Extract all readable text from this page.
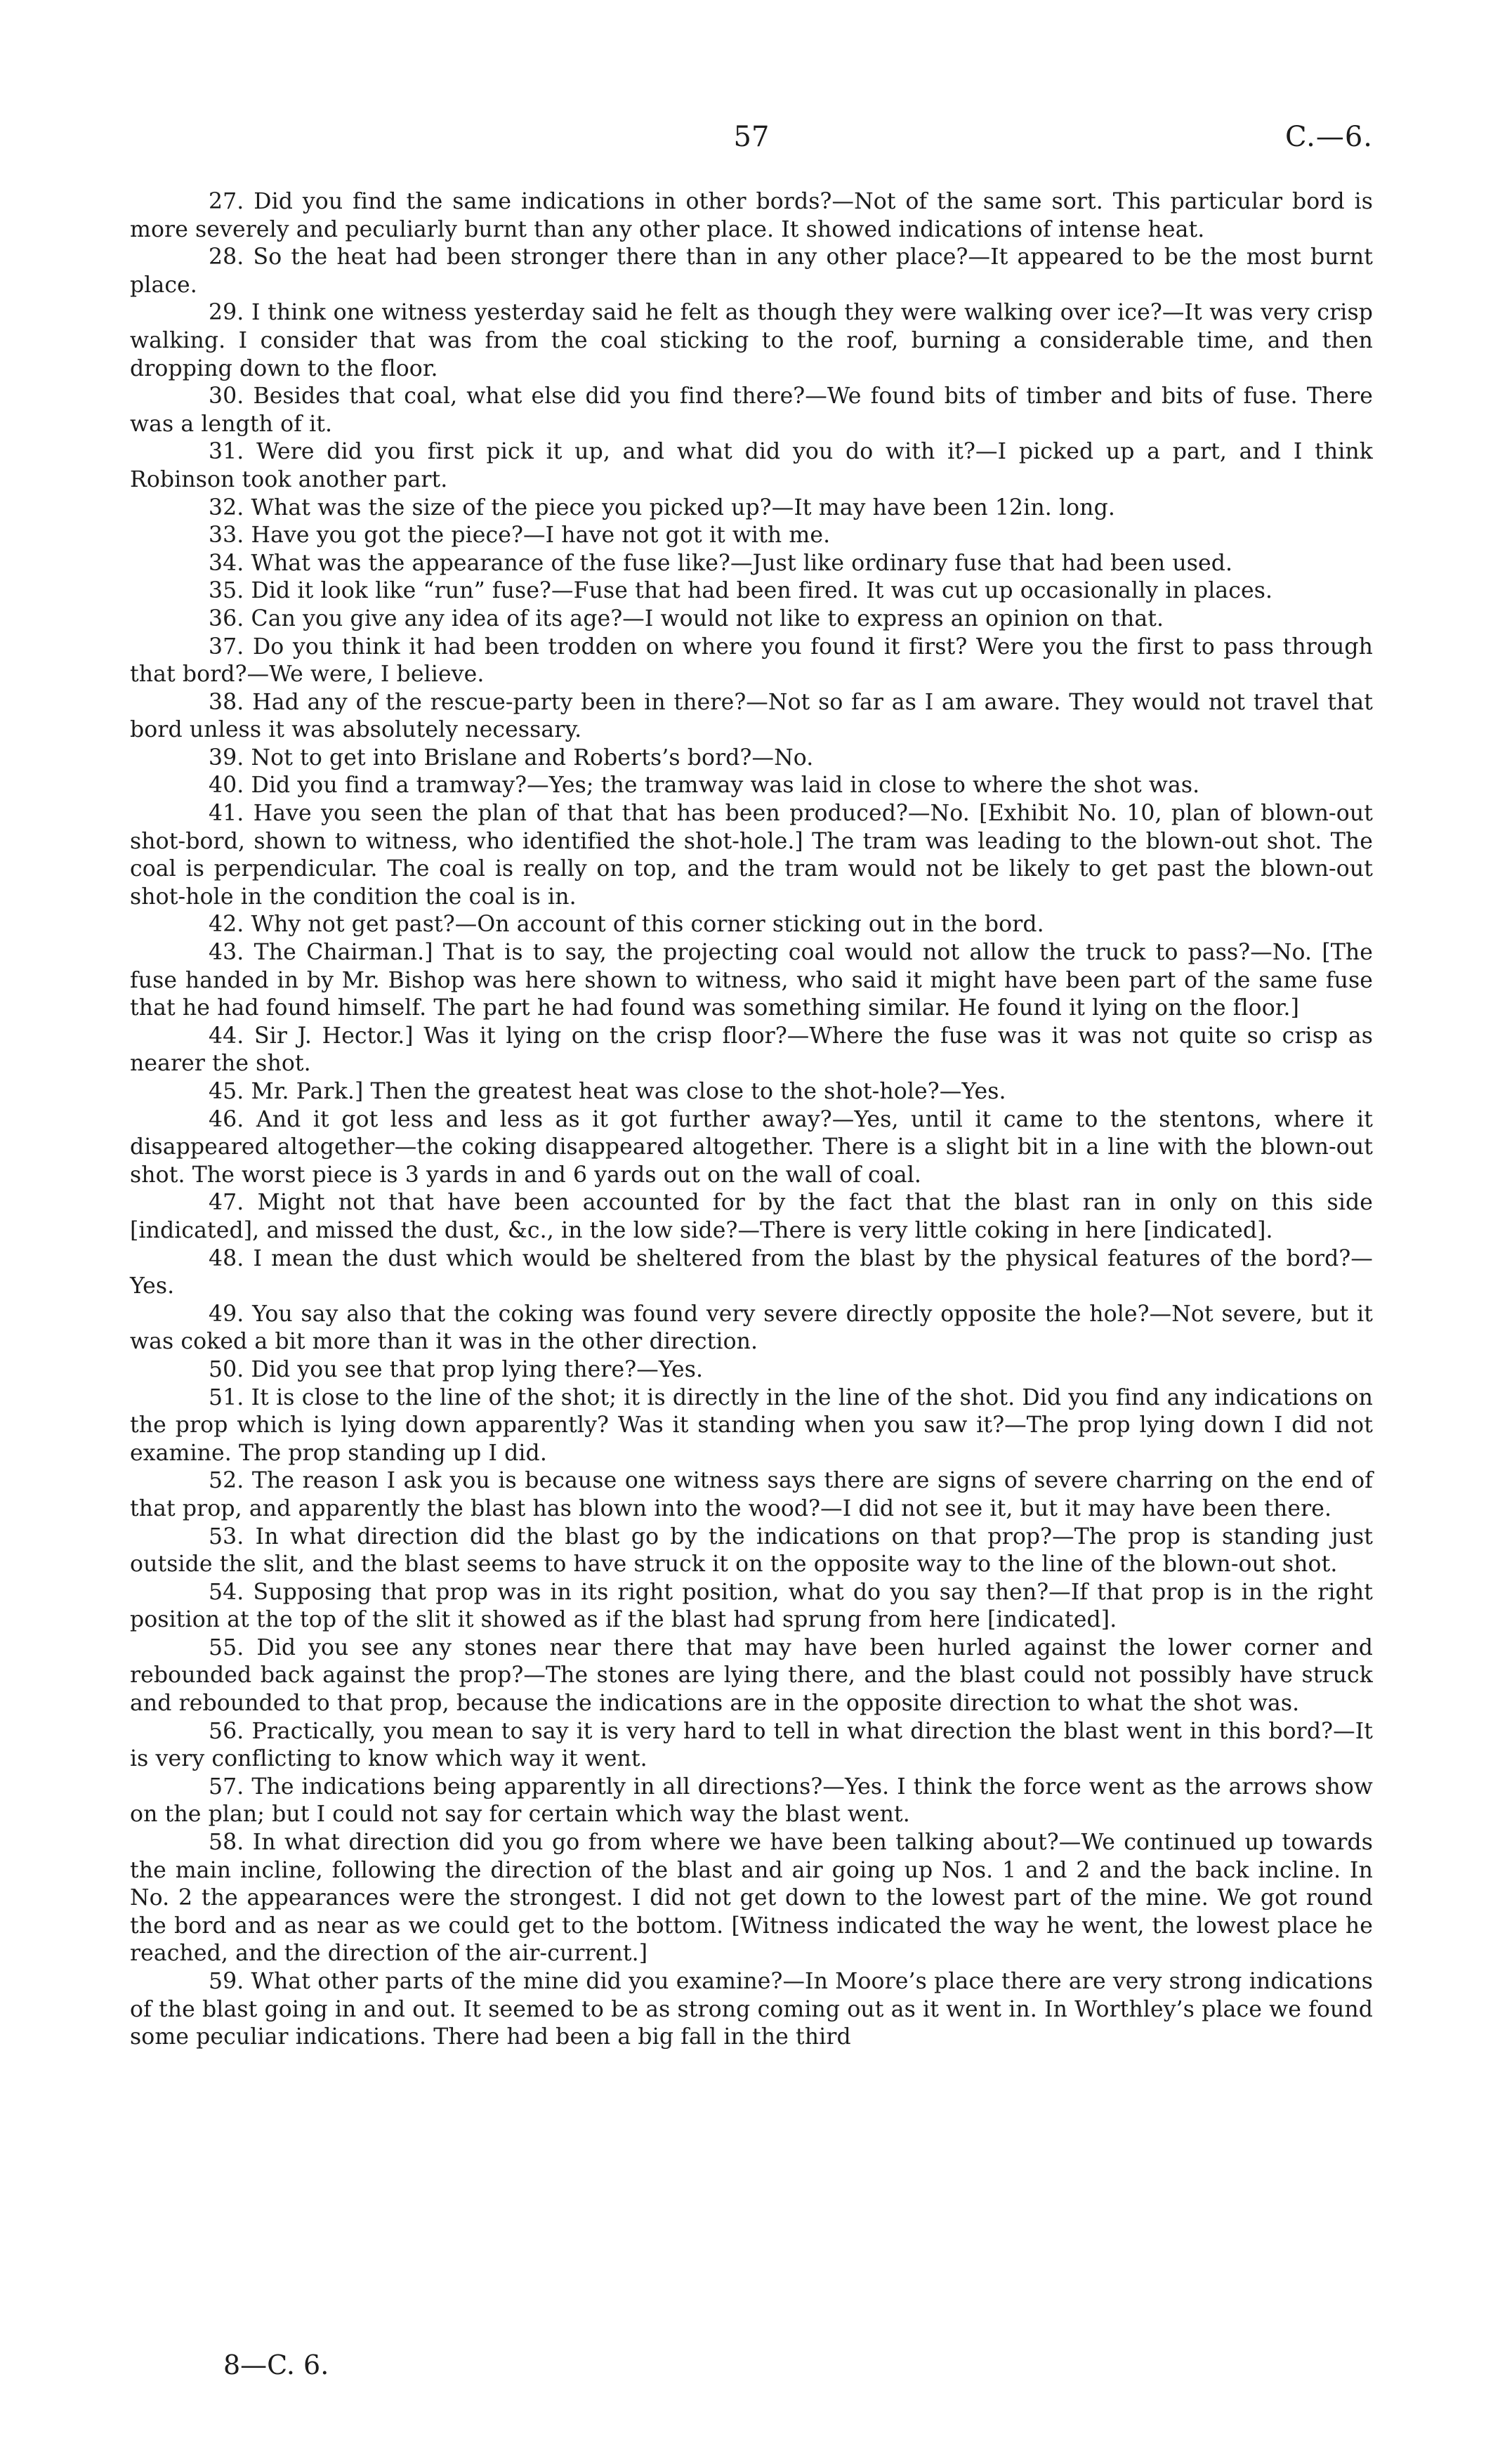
57	C.—6.

27. Did you find the same indications in other bords?—Not of the same sort. This particular bord is more severely and peculiarly burnt than any other place. It showed indications of intense heat.

28. So the heat had been stronger there than in any other place?—It appeared to be the most burnt place.

29. I think one witness yesterday said he felt as though they were walking over ice?—It was very crisp walking. I consider that was from the coal sticking to the roof, burning a considerable time, and then dropping down to the floor.

30. Besides that coal, what else did you find there?—We found bits of timber and bits of fuse. There was a length of it.

31. Were did you first pick it up, and what did you do with it?—I picked up a part, and I think Robinson took another part.

32. What was the size of the piece you picked up?—It may have been 12in. long.

33. Have you got the piece?—I have not got it with me.

34. What was the appearance of the fuse like?—Just like ordinary fuse that had been used.

35. Did it look like “run” fuse?—Fuse that had been fired. It was cut up occasionally in places.

36. Can you give any idea of its age?—I would not like to express an opinion on that.

37. Do you think it had been trodden on where you found it first? Were you the first to pass through that bord?—We were, I believe.

38. Had any of the rescue-party been in there?—Not so far as I am aware. They would not travel that bord unless it was absolutely necessary.

39. Not to get into Brislane and Roberts’s bord?—No.

40. Did you find a tramway?—Yes; the tramway was laid in close to where the shot was.

41. Have you seen the plan of that that has been produced?—No. [Exhibit No. 10, plan of blown-out shot-bord, shown to witness, who identified the shot-hole.] The tram was leading to the blown-out shot. The coal is perpendicular. The coal is really on top, and the tram would not be likely to get past the blown-out shot-hole in the condition the coal is in.

42. Why not get past?—On account of this corner sticking out in the bord.

43. The Chairman.] That is to say, the projecting coal would not allow the truck to pass?—No. [The fuse handed in by Mr. Bishop was here shown to witness, who said it might have been part of the same fuse that he had found himself. The part he had found was something similar. He found it lying on the floor.]

44. Sir J. Hector.] Was it lying on the crisp floor?—Where the fuse was it was not quite so crisp as nearer the shot.

45. Mr. Park.] Then the greatest heat was close to the shot-hole?—Yes.

46. And it got less and less as it got further away?—Yes, until it came to the stentons, where it disappeared altogether—the coking disappeared altogether. There is a slight bit in a line with the blown-out shot. The worst piece is 3 yards in and 6 yards out on the wall of coal.

47. Might not that have been accounted for by the fact that the blast ran in only on this side [indicated], and missed the dust, &c., in the low side?—There is very little coking in here [indicated].

48. I mean the dust which would be sheltered from the blast by the physical features of the bord?—Yes.

49. You say also that the coking was found very severe directly opposite the hole?—Not severe, but it was coked a bit more than it was in the other direction.

50. Did you see that prop lying there?—Yes.

51. It is close to the line of the shot; it is directly in the line of the shot. Did you find any indications on the prop which is lying down apparently? Was it standing when you saw it?—The prop lying down I did not examine. The prop standing up I did.

52. The reason I ask you is because one witness says there are signs of severe charring on the end of that prop, and apparently the blast has blown into the wood?—I did not see it, but it may have been there.

53. In what direction did the blast go by the indications on that prop?—The prop is standing just outside the slit, and the blast seems to have struck it on the opposite way to the line of the blown-out shot.

54. Supposing that prop was in its right position, what do you say then?—If that prop is in the right position at the top of the slit it showed as if the blast had sprung from here [indicated].

55. Did you see any stones near there that may have been hurled against the lower corner and rebounded back against the prop?—The stones are lying there, and the blast could not possibly have struck and rebounded to that prop, because the indications are in the opposite direction to what the shot was.

56. Practically, you mean to say it is very hard to tell in what direction the blast went in this bord?—It is very conflicting to know which way it went.

57. The indications being apparently in all directions?—Yes. I think the force went as the arrows show on the plan; but I could not say for certain which way the blast went.

58. In what direction did you go from where we have been talking about?—We continued up towards the main incline, following the direction of the blast and air going up Nos. 1 and 2 and the back incline. In No. 2 the appearances were the strongest. I did not get down to the lowest part of the mine. We got round the bord and as near as we could get to the bottom. [Witness indicated the way he went, the lowest place he reached, and the direction of the air-current.]

59. What other parts of the mine did you examine?—In Moore’s place there are very strong indications of the blast going in and out. It seemed to be as strong coming out as it went in. In Worthley’s place we found some peculiar indications. There had been a big fall in the third

8—C. 6.
